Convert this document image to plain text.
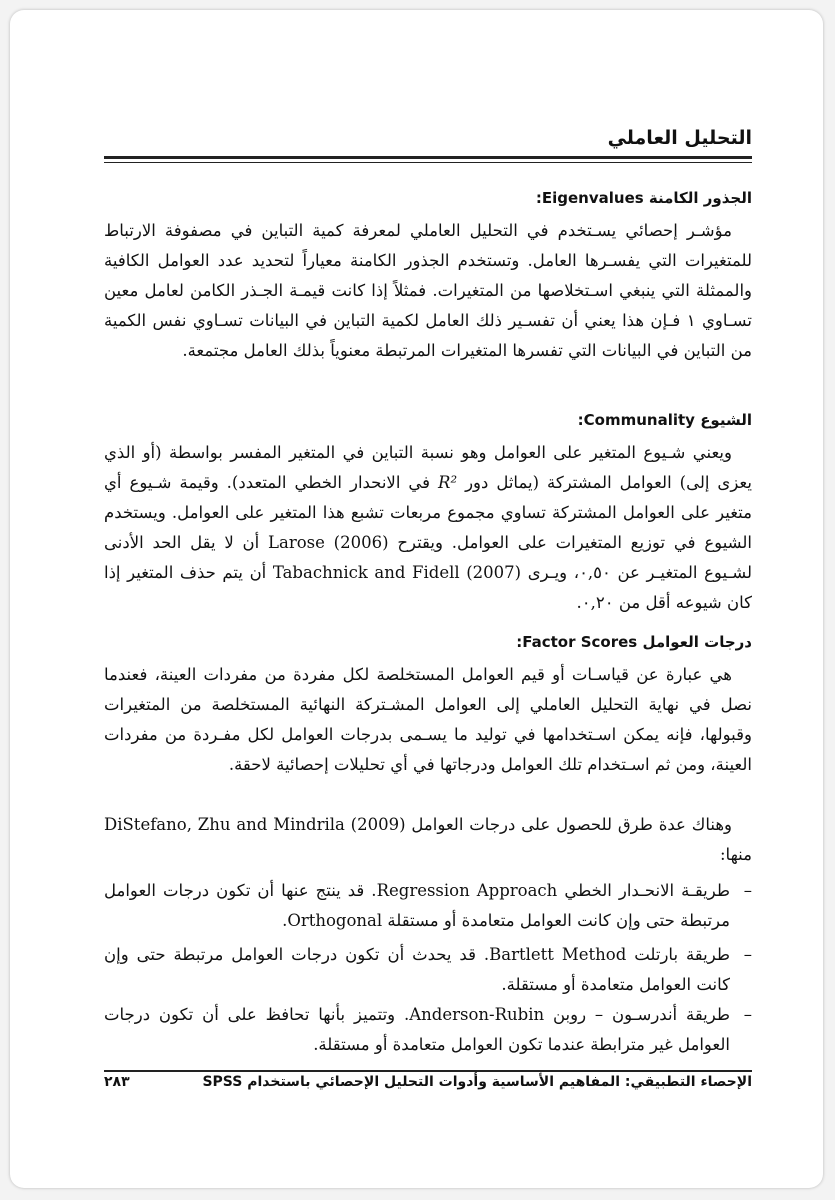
التحليل العاملي
الجذور الكامنة Eigenvalues:

مؤشـر إحصائي يسـتخدم في التحليل العاملي لمعرفة كمية التباين في مصفوفة الارتباط للمتغيرات التي يفسـرها العامل. وتستخدم الجذور الكامنة معياراً لتحديد عدد العوامل الكافية والممثلة التي ينبغي اسـتخلاصها من المتغيرات. فمثلاً إذا كانت قيمـة الجـذر الكامن لعامل معين تسـاوي ١ فـإن هذا يعني أن تفسـير ذلك العامل لكمية التباين في البيانات تسـاوي نفس الكمية من التباين في البيانات التي تفسرها المتغيرات المرتبطة معنوياً بذلك العامل مجتمعة.

الشيوع Communality:

ويعني شـيوع المتغير على العوامل وهو نسبة التباين في المتغير المفسر بواسطة (أو الذي يعزى إلى) العوامل المشتركة (يماثل دور R² في الانحدار الخطي المتعدد). وقيمة شـيوع أي متغير على العوامل المشتركة تساوي مجموع مربعات تشبع هذا المتغير على العوامل. ويستخدم الشيوع في توزيع المتغيرات على العوامل. ويقترح Larose (2006) أن لا يقل الحد الأدنى لشـيوع المتغيـر عن ٠,٥٠، ويـرى Tabachnick and Fidell (2007) أن يتم حذف المتغير إذا كان شيوعه أقل من ٠,٢٠.

درجات العوامل Factor Scores:

هي عبارة عن قياسـات أو قيم العوامل المستخلصة لكل مفردة من مفردات العينة، فعندما نصل في نهاية التحليل العاملي إلى العوامل المشـتركة النهائية المستخلصة من المتغيرات وقبولها، فإنه يمكن اسـتخدامها في توليد ما يسـمى بدرجات العوامل لكل مفـردة من مفردات العينة، ومن ثم اسـتخدام تلك العوامل ودرجاتها في أي تحليلات إحصائية لاحقة.

وهناك عدة طرق للحصول على درجات العوامل DiStefano, Zhu and Mindrila (2009) منها:

–
طريقـة الانحـدار الخطي Regression Approach. قد ينتج عنها أن تكون درجات العوامل مرتبطة حتى وإن كانت العوامل متعامدة أو مستقلة Orthogonal.
–
طريقة بارتلت Bartlett Method. قد يحدث أن تكون درجات العوامل مرتبطة حتى وإن كانت العوامل متعامدة أو مستقلة.
–
طريقة أندرسـون – روبن Anderson-Rubin. وتتميز بأنها تحافظ على أن تكون درجات العوامل غير مترابطة عندما تكون العوامل متعامدة أو مستقلة.
الإحصاء التطبيقي: المفاهيم الأساسية وأدوات التحليل الإحصائي باستخدام SPSS
٢٨٣
